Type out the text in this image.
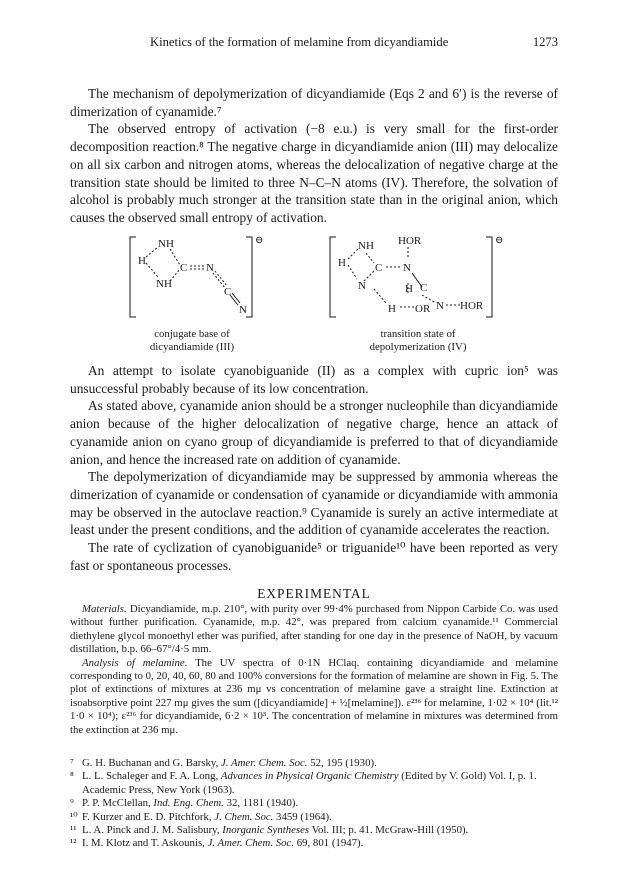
Kinetics of the formation of melamine from dicyandiamide	1273

The mechanism of depolymerization of dicyandiamide (Eqs 2 and 6′) is the reverse of dimerization of cyanamide.⁷

The observed entropy of activation (−8 e.u.) is very small for the first-order decomposition reaction.⁸ The negative charge in dicyandiamide anion (III) may delocalize on all six carbon and nitrogen atoms, whereas the delocalization of negative charge at the transition state should be limited to three N–C–N atoms (IV). Therefore, the solvation of alcohol is probably much stronger at the transition state than in the original anion, which causes the observed small entropy of activation.

NH
H
C N
NH
C
N
⊖	NH
H	C N
N
HOR
H C
H OR N HOR
⊖
conjugate base of
dicyandiamide (III)
transition state of
depolymerization (IV)

An attempt to isolate cyanobiguanide (II) as a complex with cupric ion⁵ was unsuccessful probably because of its low concentration.

As stated above, cyanamide anion should be a stronger nucleophile than dicyandiamide anion because of the higher delocalization of negative charge, hence an attack of cyanamide anion on cyano group of dicyandiamide is preferred to that of dicyandiamide anion, and hence the increased rate on addition of cyanamide.

The depolymerization of dicyandiamide may be suppressed by ammonia whereas the dimerization of cyanamide or condensation of cyanamide or dicyandiamide with ammonia may be observed in the autoclave reaction.⁹ Cyanamide is surely an active intermediate at least under the present conditions, and the addition of cyanamide accelerates the reaction.

The rate of cyclization of cyanobiguanide⁵ or triguanide¹⁰ have been reported as very fast or spontaneous processes.

EXPERIMENTAL

Materials. Dicyandiamide, m.p. 210°, with purity over 99·4% purchased from Nippon Carbide Co. was used without further purification. Cyanamide, m.p. 42°, was prepared from calcium cyanamide.¹¹ Commercial diethylene glycol monoethyl ether was purified, after standing for one day in the presence of NaOH, by vacuum distillation, b.p. 66–67°/4·5 mm.

Analysis of melamine. The UV spectra of 0·1N HClaq. containing dicyandiamide and melamine corresponding to 0, 20, 40, 60, 80 and 100% conversions for the formation of melamine are shown in Fig. 5. The plot of extinctions of mixtures at 236 mμ vs concentration of melamine gave a straight line. Extinction at isoabsorptive point 227 mμ gives the sum ([dicyandiamide] + ½[melamine]). ε²³⁶ for melamine, 1·02 × 10⁴ (lit.¹² 1·0 × 10⁴); ε²³⁶ for dicyandiamide, 6·2 × 10³. The concentration of melamine in mixtures was determined from the extinction at 236 mμ.

⁷ G. H. Buchanan and G. Barsky, J. Amer. Chem. Soc. 52, 195 (1930).
⁸ L. L. Schaleger and F. A. Long, Advances in Physical Organic Chemistry (Edited by V. Gold) Vol. I, p. 1. Academic Press, New York (1963).
⁹ P. P. McClellan, Ind. Eng. Chem. 32, 1181 (1940).
¹⁰ F. Kurzer and E. D. Pitchfork, J. Chem. Soc. 3459 (1964).
¹¹ L. A. Pinck and J. M. Salisbury, Inorganic Syntheses Vol. III; p. 41. McGraw-Hill (1950).
¹² I. M. Klotz and T. Askounis, J. Amer. Chem. Soc. 69, 801 (1947).
